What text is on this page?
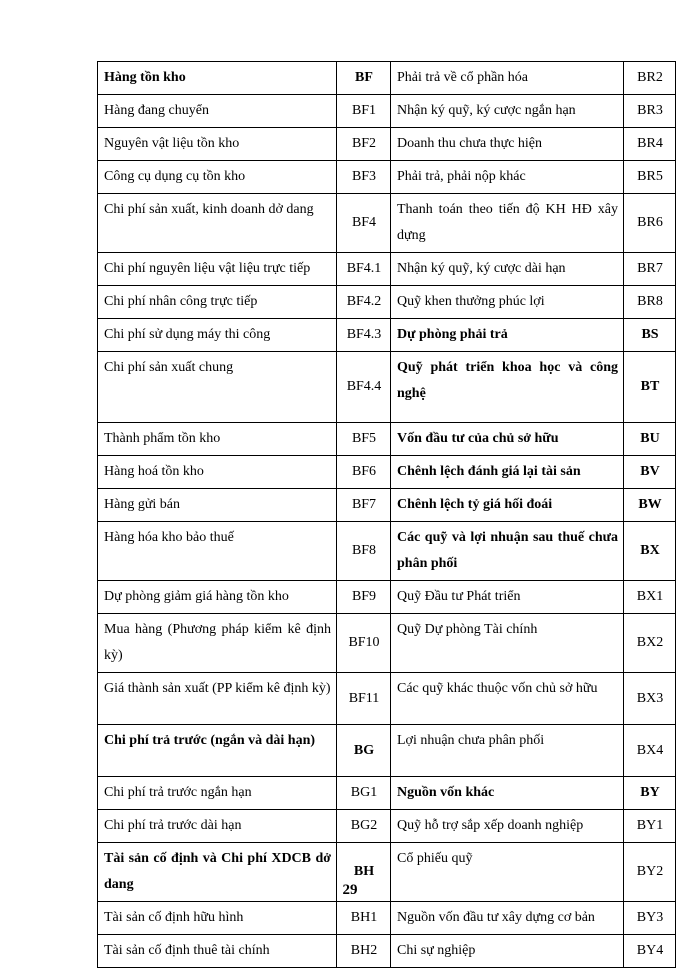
Hàng tồn kho	BF	Phải trả về cổ phần hóa	BR2
Hàng đang chuyển	BF1	Nhận ký quỹ, ký cược ngắn hạn	BR3
Nguyên vật liệu tồn kho	BF2	Doanh thu chưa thực hiện	BR4
Công cụ dụng cụ tồn kho	BF3	Phải trả, phải nộp khác	BR5
Chi phí sản xuất, kinh doanh dở dang	BF4	Thanh toán theo tiến độ KH HĐ xây dựng	BR6
Chi phí nguyên liệu vật liệu trực tiếp	BF4.1	Nhận ký quỹ, ký cược dài hạn	BR7
Chi phí nhân công trực tiếp	BF4.2	Quỹ khen thưởng phúc lợi	BR8
Chi phí sử dụng máy thi công	BF4.3	Dự phòng phải trả	BS
Chi phí sản xuất chung	BF4.4	Quỹ phát triển khoa học và công nghệ	BT
Thành phẩm tồn kho	BF5	Vốn đầu tư của chủ sở hữu	BU
Hàng hoá tồn kho	BF6	Chênh lệch đánh giá lại tài sản	BV
Hàng gửi bán	BF7	Chênh lệch tỷ giá hối đoái	BW
Hàng hóa kho bảo thuế	BF8	Các quỹ và lợi nhuận sau thuế chưa phân phối	BX
Dự phòng giảm giá hàng tồn kho	BF9	Quỹ Đầu tư Phát triển	BX1
Mua hàng (Phương pháp kiểm kê định kỳ)	BF10	Quỹ Dự phòng Tài chính	BX2
Giá thành sản xuất (PP kiểm kê định kỳ)	BF11	Các quỹ khác thuộc vốn chủ sở hữu	BX3
Chi phí trả trước (ngắn và dài hạn)	BG	Lợi nhuận chưa phân phối	BX4
Chi phí trả trước ngắn hạn	BG1	Nguồn vốn khác	BY
Chi phí trả trước dài hạn	BG2	Quỹ hỗ trợ sắp xếp doanh nghiệp	BY1
Tài sản cố định và Chi phí XDCB dở dang	BH	Cổ phiếu quỹ	BY2
Tài sản cố định hữu hình	BH1	Nguồn vốn đầu tư xây dựng cơ bản	BY3
Tài sản cố định thuê tài chính	BH2	Chi sự nghiệp	BY4
29
